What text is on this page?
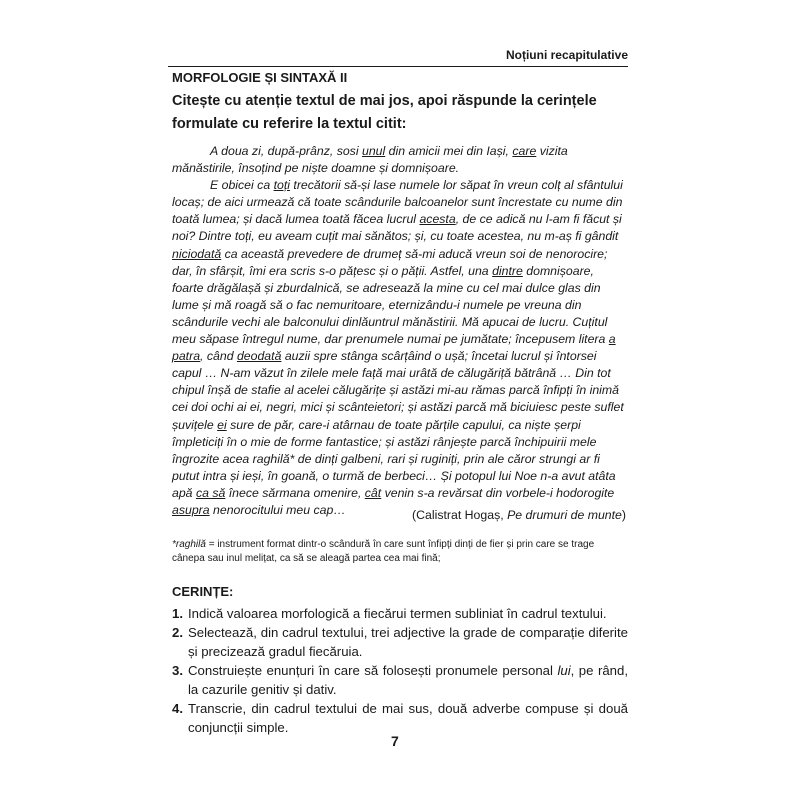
Noțiuni recapitulative
MORFOLOGIE ȘI SINTAXĂ II
Citește cu atenție textul de mai jos, apoi răspunde la cerințele formulate cu referire la textul citit:

A doua zi, după-prânz, sosi unul din amicii mei din Iași, care vizita mănăstirile, însoțind pe niște doamne și domnișoare.

E obicei ca toți trecătorii să-și lase numele lor săpat în vreun colț al sfântului locaș; de aici urmează că toate scândurile balcoanelor sunt încrestate cu nume din toată lumea; și dacă lumea toată făcea lucrul acesta, de ce adică nu l-am fi făcut și noi? Dintre toți, eu aveam cuțit mai sănătos; și, cu toate acestea, nu m-aș fi gândit niciodată ca această prevedere de drumeț să-mi aducă vreun soi de nenorocire; dar, în sfârșit, îmi era scris s-o pățesc și o pății. Astfel, una dintre domnișoare, foarte drăgălașă și zburdalnică, se adresează la mine cu cel mai dulce glas din lume și mă roagă să o fac nemuritoare, eternizându-i numele pe vreuna din scândurile vechi ale balconului dinlăuntrul mănăstirii. Mă apucai de lucru. Cuțitul meu săpase întregul nume, dar prenumele numai pe jumătate; începusem litera a patra, când deodată auzii spre stânga scârțâind o ușă; încetai lucrul și întorsei capul … N-am văzut în zilele mele față mai urâtă de călugăriță bătrână … Din tot chipul înșă de stafie al acelei călugărițe și astăzi mi-au rămas parcă înfipți în inimă cei doi ochi ai ei, negri, mici și scânteietori; și astăzi parcă mă biciuiesc peste suflet șuvițele ei sure de păr, care-i atârnau de toate părțile capului, ca niște șerpi împleticiți în o mie de forme fantastice; și astăzi rânjește parcă închipuirii mele îngrozite acea raghilă* de dinți galbeni, rari și ruginiți, prin ale căror strungi ar fi putut intra și ieși, în goană, o turmă de berbeci… Și potopul lui Noe n-a avut atâta apă ca să înece sărmana omenire, cât venin s-a revărsat din vorbele-i hodorogite asupra nenorocitului meu cap…	(Calistrat Hogaș, Pe drumuri de munte)
*raghilă = instrument format dintr-o scândură în care sunt înfipți dinți de fier și prin care se trage cânepa sau inul melițat, ca să se aleagă partea cea mai fină;
CERINȚE:
1. Indică valoarea morfologică a fiecărui termen subliniat în cadrul textului.
2. Selectează, din cadrul textului, trei adjective la grade de comparație diferite și precizează gradul fiecăruia.
3. Construiește enunțuri în care să folosești pronumele personal lui, pe rând, la cazurile genitiv și dativ.
4. Transcrie, din cadrul textului de mai sus, două adverbe compuse și două conjuncții simple.
7
